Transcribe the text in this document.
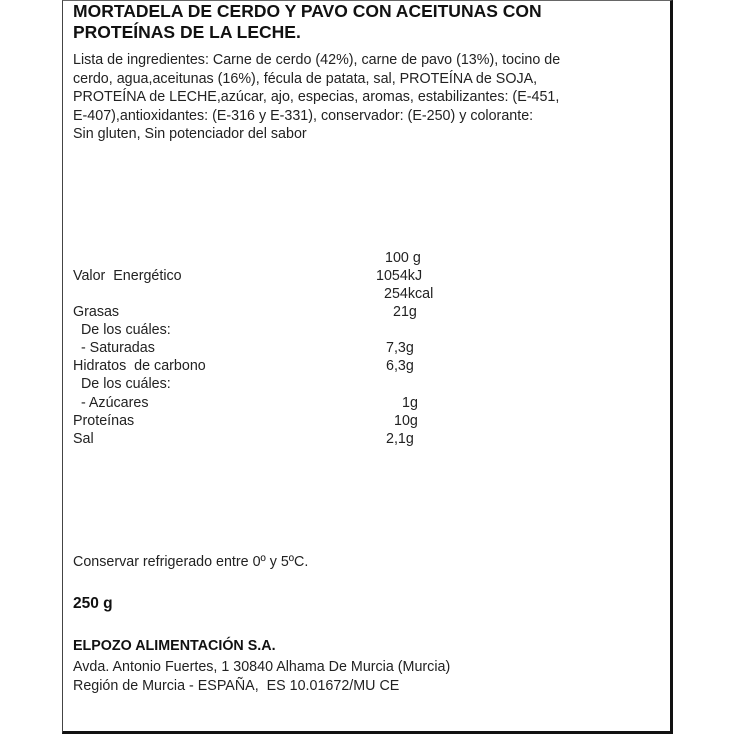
MORTADELA DE CERDO Y PAVO CON ACEITUNAS CON
PROTEÍNAS DE LA LECHE.
Lista de ingredientes: Carne de cerdo (42%), carne de pavo (13%), tocino de
cerdo, agua,aceitunas (16%), fécula de patata, sal, PROTEÍNA de SOJA,
PROTEÍNA de LECHE,azúcar, ajo, especias, aromas, estabilizantes: (E-451,
E-407),antioxidantes: (E-316 y E-331), conservador: (E-250) y colorante:
Sin gluten, Sin potenciador del sabor
100 g
Valor  Energético	1054kJ
254kcal
Grasas	21g
De los cuáles:
- Saturadas	7,3g
Hidratos  de carbono	6,3g
De los cuáles:
- Azúcares	1g
Proteínas	10g
Sal	2,1g
Conservar refrigerado entre 0º y 5ºC.
250 g
ELPOZO ALIMENTACIÓN S.A.
Avda. Antonio Fuertes, 1 30840 Alhama De Murcia (Murcia)
Región de Murcia - ESPAÑA,  ES 10.01672/MU CE
